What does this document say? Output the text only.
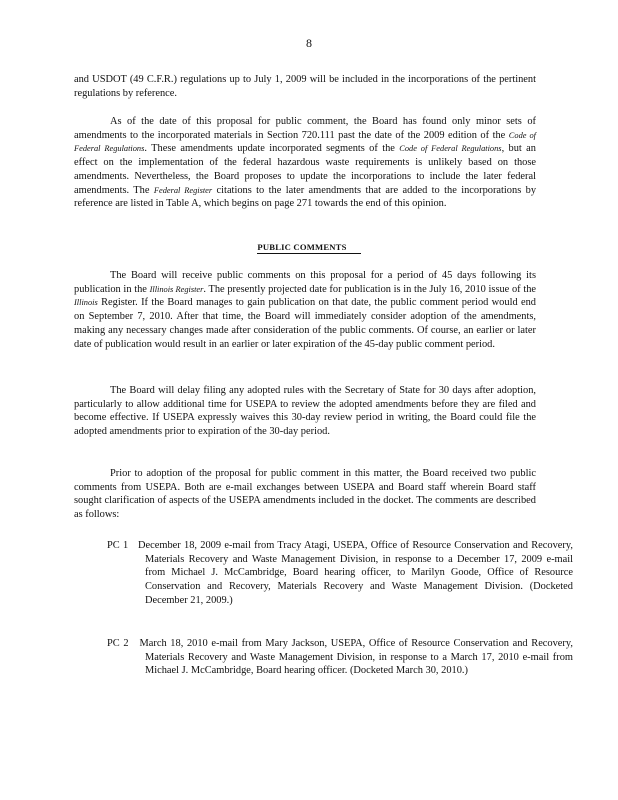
8

and USDOT (49 C.F.R.) regulations up to July 1, 2009 will be included in the incorporations of the pertinent regulations by reference.

As of the date of this proposal for public comment, the Board has found only minor sets of amendments to the incorporated materials in Section 720.111 past the date of the 2009 edition of the Code of Federal Regulations. These amendments update incorporated segments of the Code of Federal Regulations, but an effect on the implementation of the federal hazardous waste requirements is unlikely based on those amendments. Nevertheless, the Board proposes to update the incorporations to include the later federal amendments. The Federal Register citations to the later amendments that are added to the incorporations by reference are listed in Table A, which begins on page 271 towards the end of this opinion.

PUBLIC COMMENTS

The Board will receive public comments on this proposal for a period of 45 days following its publication in the Illinois Register. The presently projected date for publication is in the July 16, 2010 issue of the Illinois Register. If the Board manages to gain publication on that date, the public comment period would end on September 7, 2010. After that time, the Board will immediately consider adoption of the amendments, making any necessary changes made after consideration of the public comments. Of course, an earlier or later date of publication would result in an earlier or later expiration of the 45-day public comment period.

The Board will delay filing any adopted rules with the Secretary of State for 30 days after adoption, particularly to allow additional time for USEPA to review the adopted amendments before they are filed and become effective. If USEPA expressly waives this 30-day review period in writing, the Board could file the adopted amendments prior to expiration of the 30-day period.

Prior to adoption of the proposal for public comment in this matter, the Board received two public comments from USEPA. Both are e-mail exchanges between USEPA and Board staff wherein Board staff sought clarification of aspects of the USEPA amendments included in the docket. The comments are described as follows:

PC 1 December 18, 2009 e-mail from Tracy Atagi, USEPA, Office of Resource Conservation and Recovery, Materials Recovery and Waste Management Division, in response to a December 17, 2009 e-mail from Michael J. McCambridge, Board hearing officer, to Marilyn Goode, Office of Resource Conservation and Recovery, Materials Recovery and Waste Management Division. (Docketed December 21, 2009.)

PC 2 March 18, 2010 e-mail from Mary Jackson, USEPA, Office of Resource Conservation and Recovery, Materials Recovery and Waste Management Division, in response to a March 17, 2010 e-mail from Michael J. McCambridge, Board hearing officer. (Docketed March 30, 2010.)
